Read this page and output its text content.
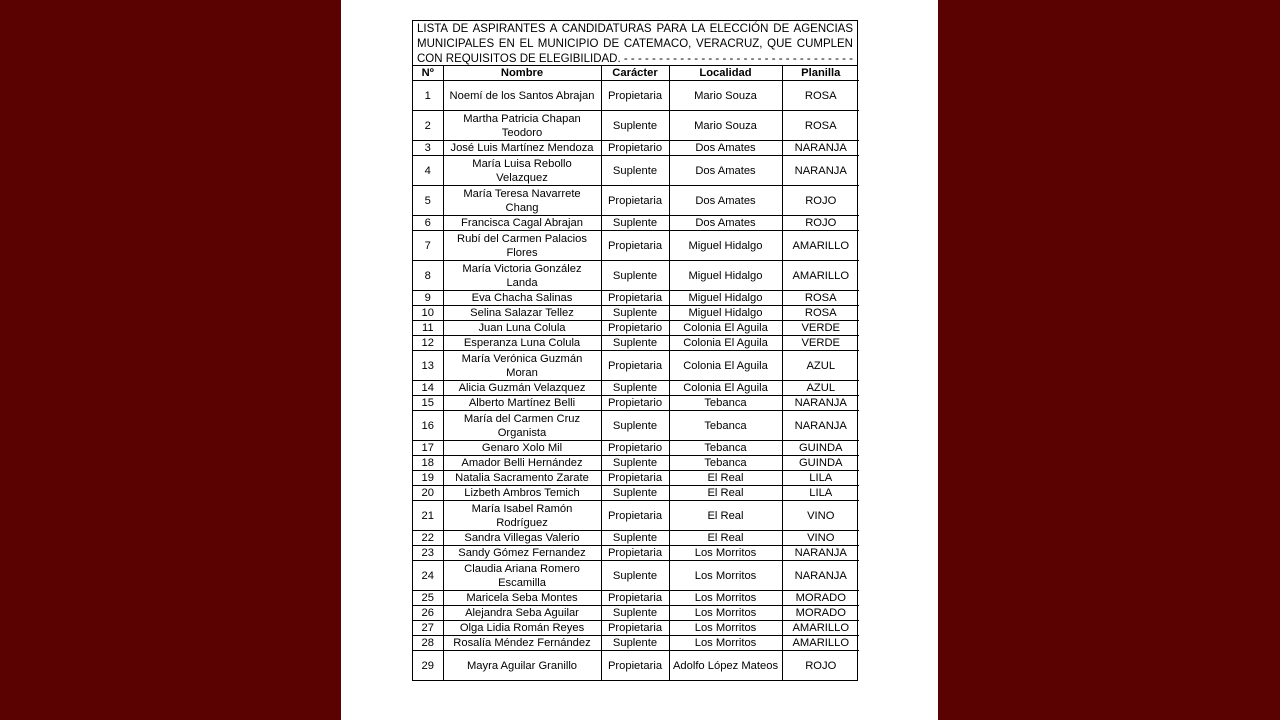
LISTA DE ASPIRANTES A CANDIDATURAS PARA LA ELECCIÓN DE AGENCIAS MUNICIPALES EN EL MUNICIPIO DE CATEMACO, VERACRUZ, QUE CUMPLEN CON REQUISITOS DE ELEGIBILIDAD. - - - - - - - - - - - - - - - - - - - - - - - - - - - - - - - - -
Nº	Nombre	Carácter	Localidad	Planilla
1	Noemí de los Santos Abrajan	Propietaria	Mario Souza	ROSA
2	Martha Patricia Chapan Teodoro	Suplente	Mario Souza	ROSA
3	José Luis Martínez Mendoza	Propietario	Dos Amates	NARANJA
4	María Luisa Rebollo Velazquez	Suplente	Dos Amates	NARANJA
5	María Teresa Navarrete Chang	Propietaria	Dos Amates	ROJO
6	Francisca Cagal Abrajan	Suplente	Dos Amates	ROJO
7	Rubí del Carmen Palacios Flores	Propietaria	Miguel Hidalgo	AMARILLO
8	María Victoria González Landa	Suplente	Miguel Hidalgo	AMARILLO
9	Eva Chacha Salinas	Propietaria	Miguel Hidalgo	ROSA
10	Selina Salazar Tellez	Suplente	Miguel Hidalgo	ROSA
11	Juan Luna Colula	Propietario	Colonia El Aguila	VERDE
12	Esperanza Luna Colula	Suplente	Colonia El Aguila	VERDE
13	María Verónica Guzmán Moran	Propietaria	Colonia El Aguila	AZUL
14	Alicia Guzmán Velazquez	Suplente	Colonia El Aguila	AZUL
15	Alberto Martínez Belli	Propietario	Tebanca	NARANJA
16	María del Carmen Cruz Organista	Suplente	Tebanca	NARANJA
17	Genaro Xolo Mil	Propietario	Tebanca	GUINDA
18	Amador Belli Hernández	Suplente	Tebanca	GUINDA
19	Natalia Sacramento Zarate	Propietaria	El Real	LILA
20	Lizbeth Ambros Temich	Suplente	El Real	LILA
21	María Isabel Ramón Rodríguez	Propietaria	El Real	VINO
22	Sandra Villegas Valerio	Suplente	El Real	VINO
23	Sandy Gómez Fernandez	Propietaria	Los Morritos	NARANJA
24	Claudia Ariana Romero Escamilla	Suplente	Los Morritos	NARANJA
25	Maricela Seba Montes	Propietaria	Los Morritos	MORADO
26	Alejandra Seba Aguilar	Suplente	Los Morritos	MORADO
27	Olga Lidia Román Reyes	Propietaria	Los Morritos	AMARILLO
28	Rosalía Méndez Fernández	Suplente	Los Morritos	AMARILLO
29	Mayra Aguilar Granillo	Propietaria	Adolfo López Mateos	ROJO
